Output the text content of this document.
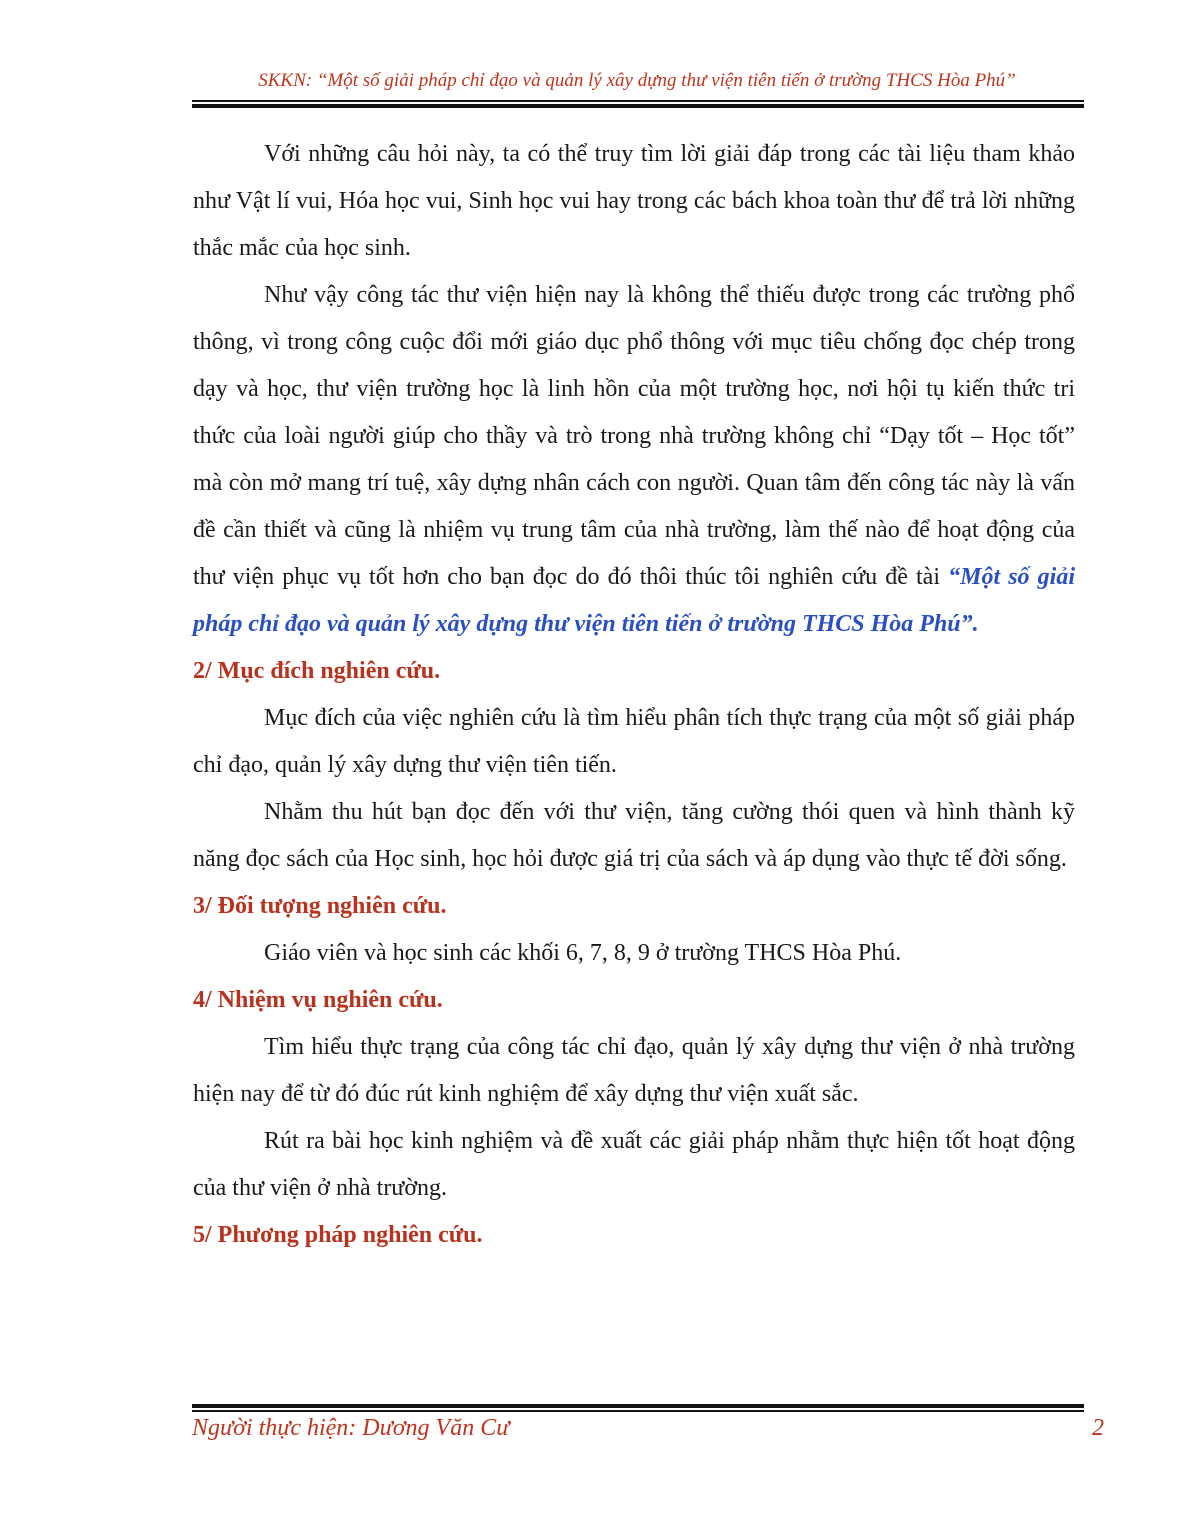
SKKN: “Một số giải pháp chỉ đạo và quản lý xây dựng thư viện tiên tiến ở trường THCS Hòa Phú”

Với những câu hỏi này, ta có thể truy tìm lời giải đáp trong các tài liệu tham khảo như Vật lí vui, Hóa học vui, Sinh học vui hay trong các bách khoa toàn thư để trả lời những thắc mắc của học sinh.

Như vậy công tác thư viện hiện nay là không thể thiếu được trong các trường phổ thông, vì trong công cuộc đổi mới giáo dục phổ thông với mục tiêu chống đọc chép trong dạy và học, thư viện trường học là linh hồn của một trường học, nơi hội tụ kiến thức tri thức của loài người giúp cho thầy và trò trong nhà trường không chỉ “Dạy tốt – Học tốt” mà còn mở mang trí tuệ, xây dựng nhân cách con người. Quan tâm đến công tác này là vấn đề cần thiết và cũng là nhiệm vụ trung tâm của nhà trường, làm thế nào để hoạt động của thư viện phục vụ tốt hơn cho bạn đọc do đó thôi thúc tôi nghiên cứu đề tài “Một số giải pháp chỉ đạo và quản lý xây dựng thư viện tiên tiến ở trường THCS Hòa Phú”.

2/ Mục đích nghiên cứu.

Mục đích của việc nghiên cứu là tìm hiểu phân tích thực trạng của một số giải pháp chỉ đạo, quản lý xây dựng thư viện tiên tiến.

Nhằm thu hút bạn đọc đến với thư viện, tăng cường thói quen và hình thành kỹ năng đọc sách của Học sinh, học hỏi được giá trị của sách và áp dụng vào thực tế đời sống.

3/ Đối tượng nghiên cứu.

Giáo viên và học sinh các khối 6, 7, 8, 9 ở trường THCS Hòa Phú.

4/ Nhiệm vụ nghiên cứu.

Tìm hiểu thực trạng của công tác chỉ đạo, quản lý xây dựng thư viện ở nhà trường hiện nay để từ đó đúc rút kinh nghiệm để xây dựng thư viện xuất sắc.

Rút ra bài học kinh nghiệm và đề xuất các giải pháp nhằm thực hiện tốt hoạt động của thư viện ở nhà trường.

5/ Phương pháp nghiên cứu.

Người thực hiện: Dương Văn Cư	2
